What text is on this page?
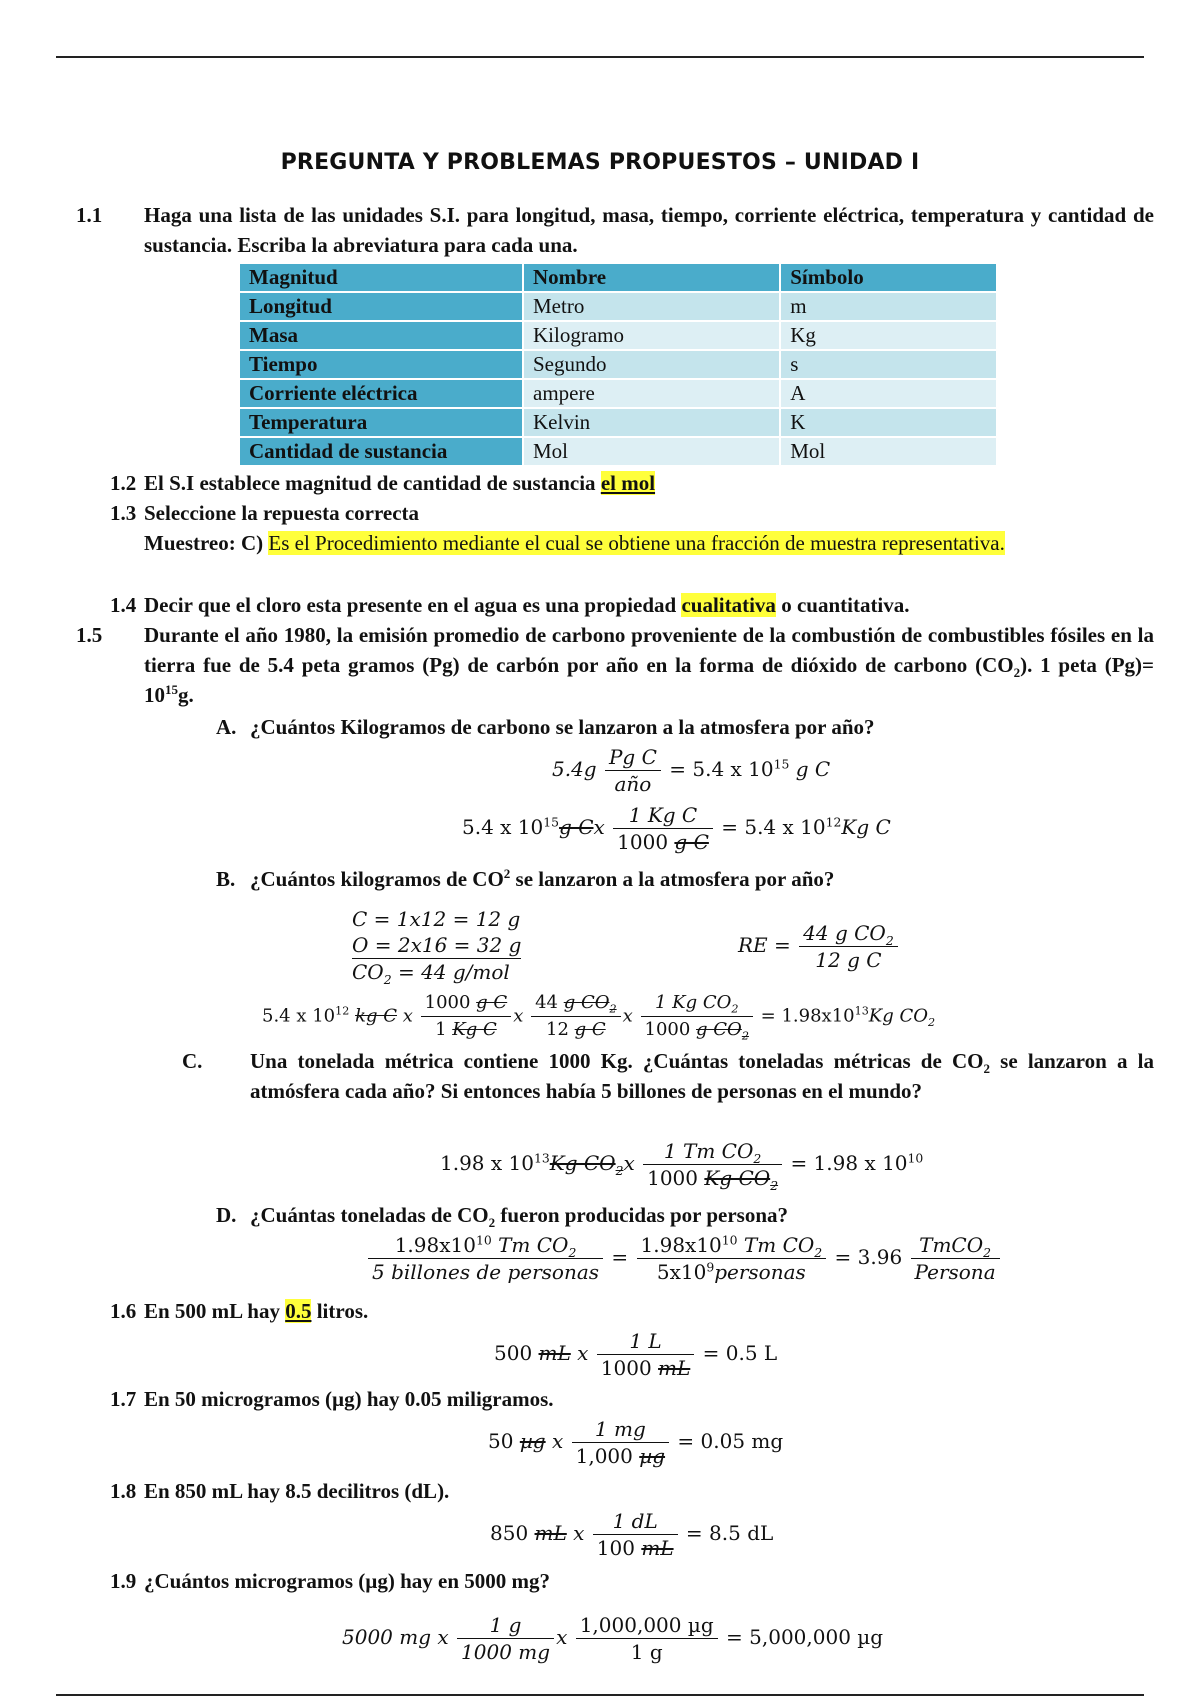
PREGUNTA Y PROBLEMAS PROPUESTOS – UNIDAD I
1.1 Haga una lista de las unidades S.I. para longitud, masa, tiempo, corriente eléctrica, temperatura y cantidad de sustancia. Escriba la abreviatura para cada una.
Magnitud	Nombre	Símbolo
Longitud	Metro	m
Masa	Kilogramo	Kg
Tiempo	Segundo	s
Corriente eléctrica	ampere	A
Temperatura	Kelvin	K
Cantidad de sustancia	Mol	Mol
1.2 El S.I establece magnitud de cantidad de sustancia el mol
1.3 Seleccione la repuesta correcta
Muestreo: C) Es el Procedimiento mediante el cual se obtiene una fracción de muestra representativa.
1.4 Decir que el cloro esta presente en el agua es una propiedad cualitativa o cuantitativa.
1.5 Durante el año 1980, la emisión promedio de carbono proveniente de la combustión de combustibles fósiles en la tierra fue de 5.4 peta gramos (Pg) de carbón por año en la forma de dióxido de carbono $(CO_2)$. 1 peta $(Pg)= 10^{15}g$.
A. ¿Cuántos Kilogramos de carbono se lanzaron a la atmosfera por año?
5.4g Pg C
año
= 5.4 x $10^{15}$ g C
5.4 x $10^{15}g$ Cx $\frac{\text{1 Kg C}}{\text{1000 g C}} = 5.4$ x $10^{12}Kg$ C
B. ¿Cuántos kilogramos de $CO^2$ se lanzaron a la atmosfera por año?
C = 1x12 = 12 g
O = 2x16 = 32 g
$CO_2 = 44$ g/mol
RE = $\frac{44 g CO_2}{\text{12 g C}}$
5.4 x $10^{12}$ kg C x $\frac{\text{1000 g C}}{\text{1 Kg C}}$ x $\frac{44 g CO_2}{\text{12 g C}}$ x $\frac{1 Kg CO_2}{1000 g CO_2} = 1.98x10^{13}Kg$ $CO_2$
C. Una tonelada métrica contiene 1000 Kg. ¿Cuántas toneladas métricas de $CO_2$ se lanzaron a la atmósfera cada año? Si entonces había 5 billones de personas en el mundo?
1.98 x $10^{13}Kg$ $CO_2x \frac{1 Tm CO_2}{1000 Kg CO_2} = 1.98$ x $10^{10}$
D. ¿Cuántas toneladas de $CO_2$ fueron producidas por persona?
$1.98x10^{10}$ Tm $CO_2$
5 billones de personas
= $1.98x10^{10}$ Tm $CO_2$
$5x10^9personas$
= 3.96 TmCO$_2$
Persona
1.6 En 500 mL hay 0.5 litros.
500 mL x $\frac{1 L}{1000 mL} = 0.5$ L
1.7 En 50 microgramos (µg) hay 0.05 miligramos.
50 µg x	1 mg
1,000 µg
= 0.05 mg
1.8 En 850 mL hay 8.5 decilitros (dL).
850 mL x $\frac{1 dL}{100 mL} = 8.5$ dL
1.9 ¿Cuántos microgramos (µg) hay en 5000 mg?
5000 mg x $\frac{1 g}{1000 mg}$ x 1,000,000 µg
1 g
= 5,000,000 µg
